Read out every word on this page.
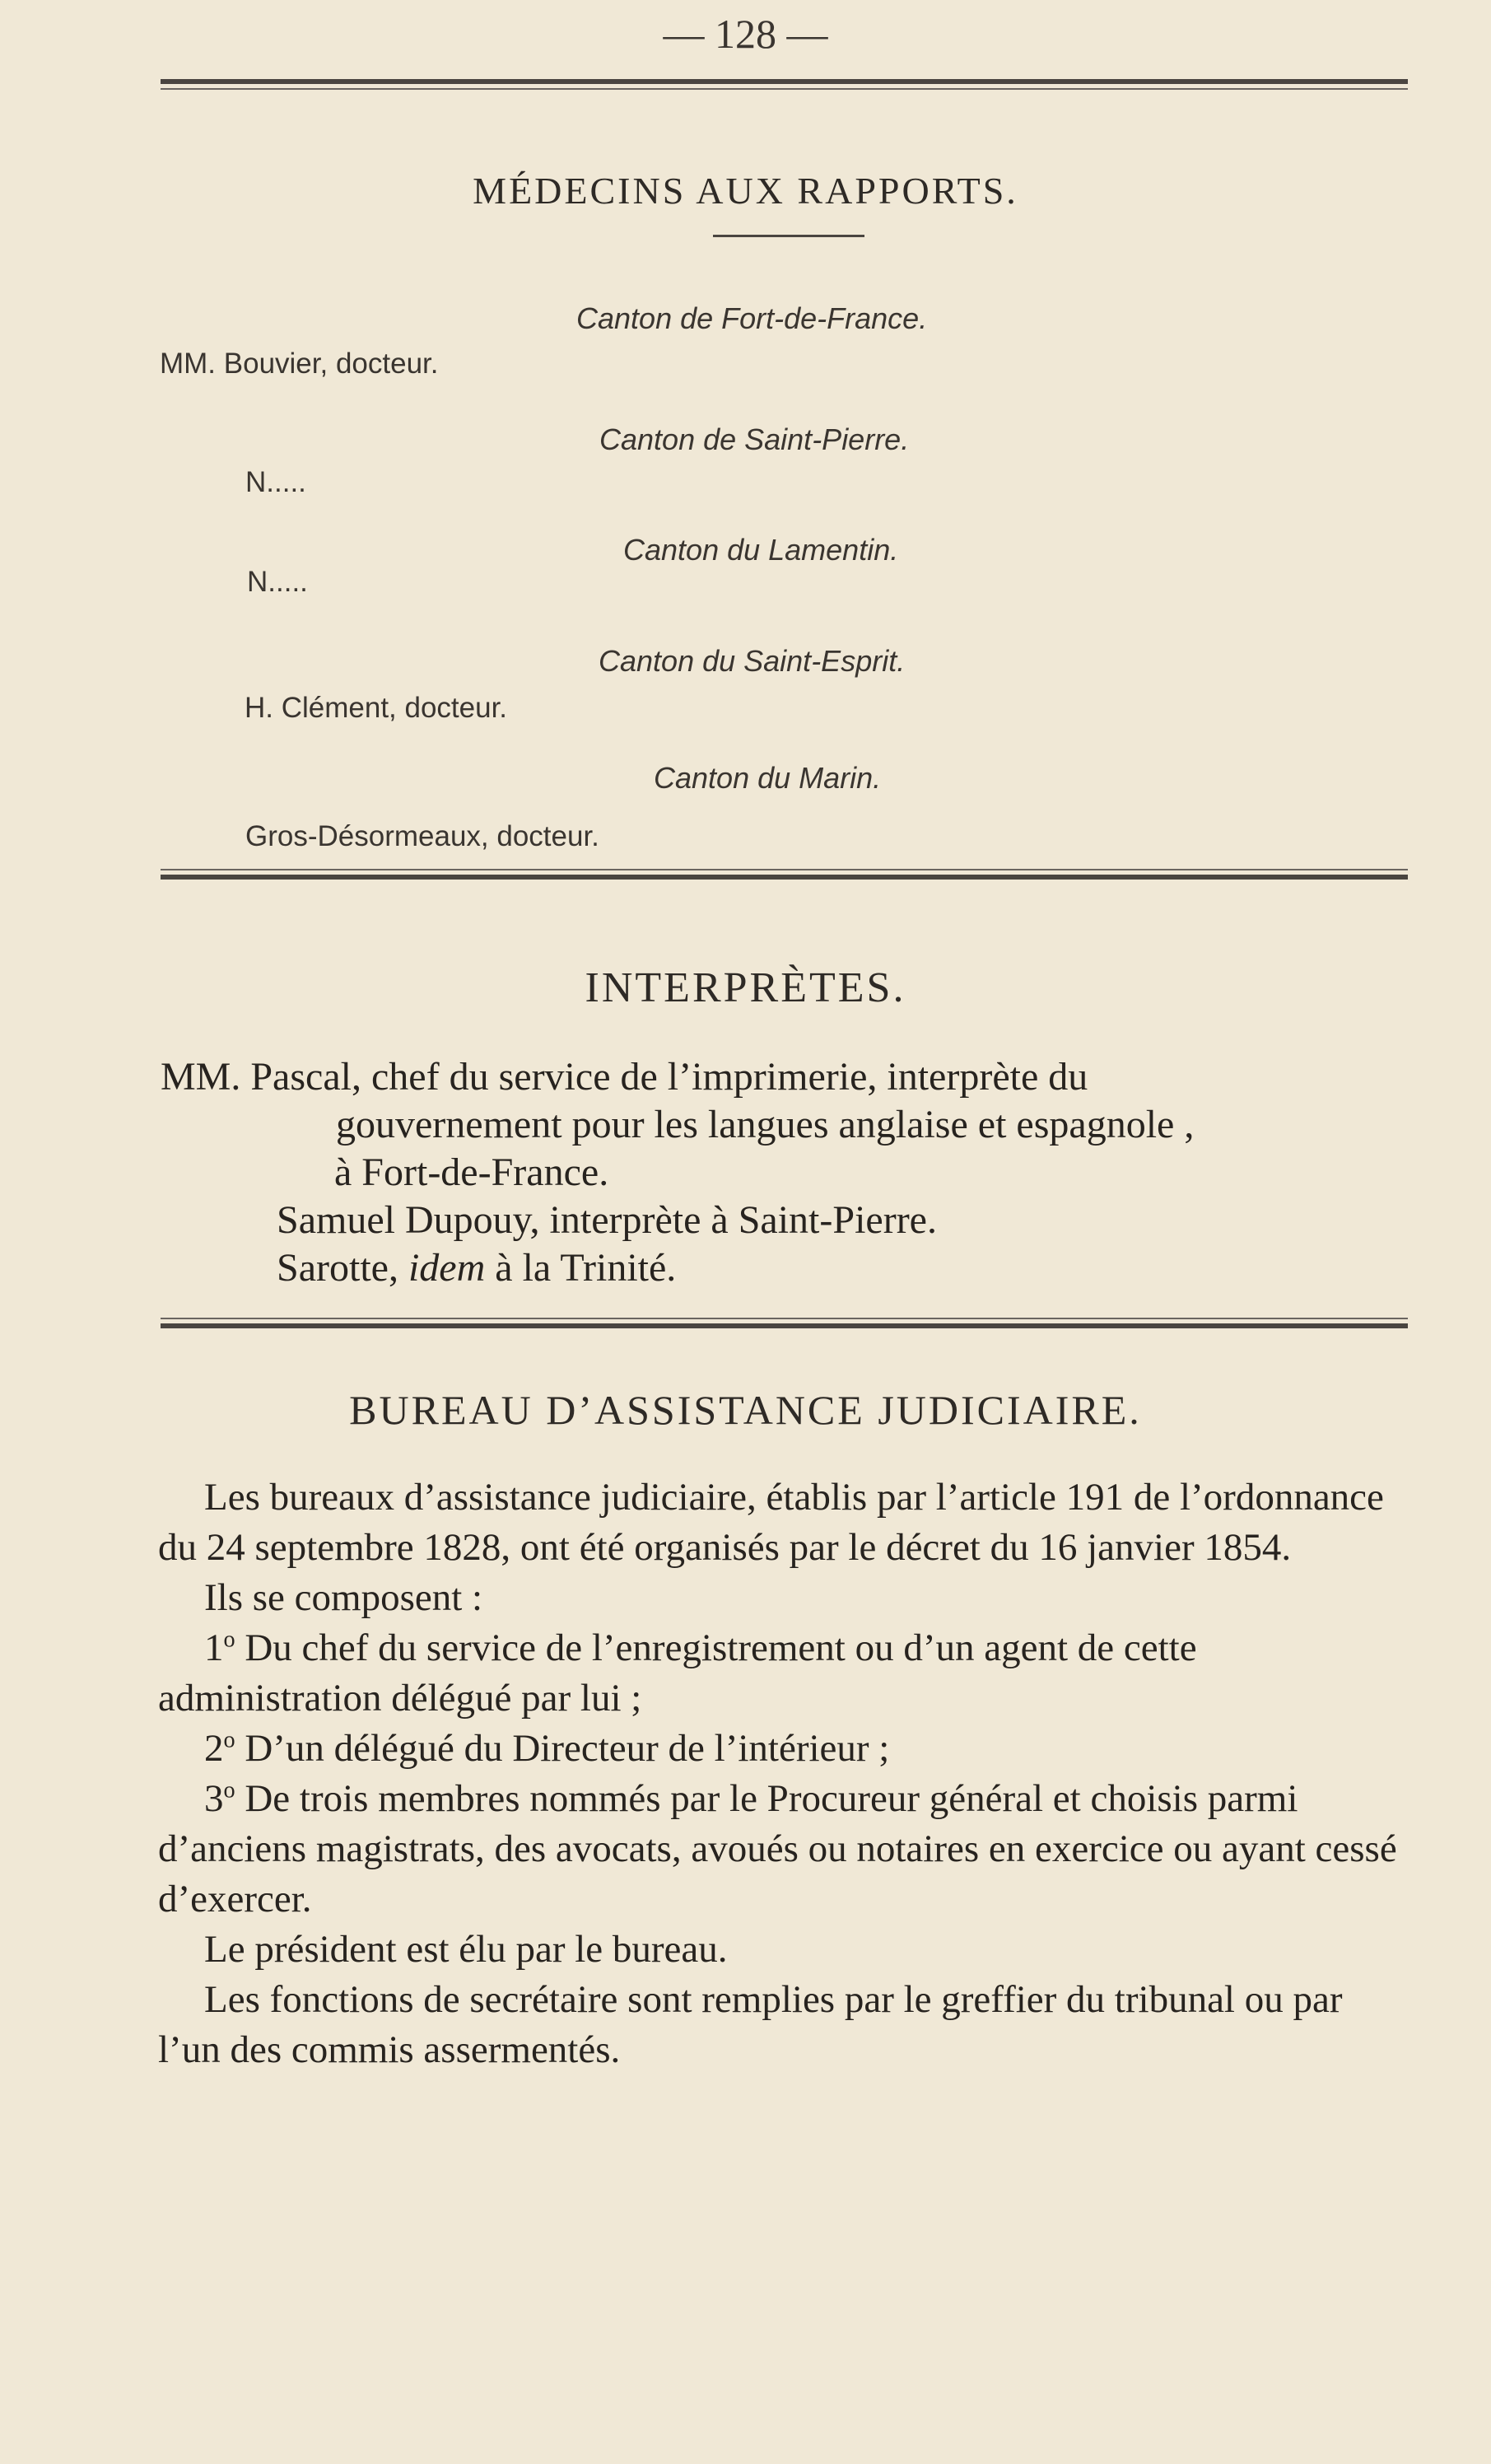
— 128 —
MÉDECINS AUX RAPPORTS.
Canton de Fort-de-France.
MM. Bouvier, docteur.
Canton de Saint-Pierre.
N.....
Canton du Lamentin.
N.....
Canton du Saint-Esprit.
H. Clément, docteur.
Canton du Marin.
Gros-Désormeaux, docteur.
INTERPRÈTES.
MM. Pascal, chef du service de l’imprimerie, interprète du
gouvernement pour les langues anglaise et espagnole ,
à Fort-de-France.
Samuel Dupouy, interprète à Saint-Pierre.
Sarotte, idem à la Trinité.
BUREAU D’ASSISTANCE JUDICIAIRE.

Les bureaux d’assistance judiciaire, établis par l’article 191 de l’ordonnance du 24 septembre 1828, ont été organisés par le décret du 16 janvier 1854.

Ils se composent :

1$^o$ Du chef du service de l’enregistrement ou d’un agent de cette administration délégué par lui ;

2$^o$ D’un délégué du Directeur de l’intérieur ;

3$^o$ De trois membres nommés par le Procureur général et choisis parmi d’anciens magistrats, des avocats, avoués ou notaires en exercice ou ayant cessé d’exercer.

Le président est élu par le bureau.

Les fonctions de secrétaire sont remplies par le greffier du tribunal ou par l’un des commis assermentés.
